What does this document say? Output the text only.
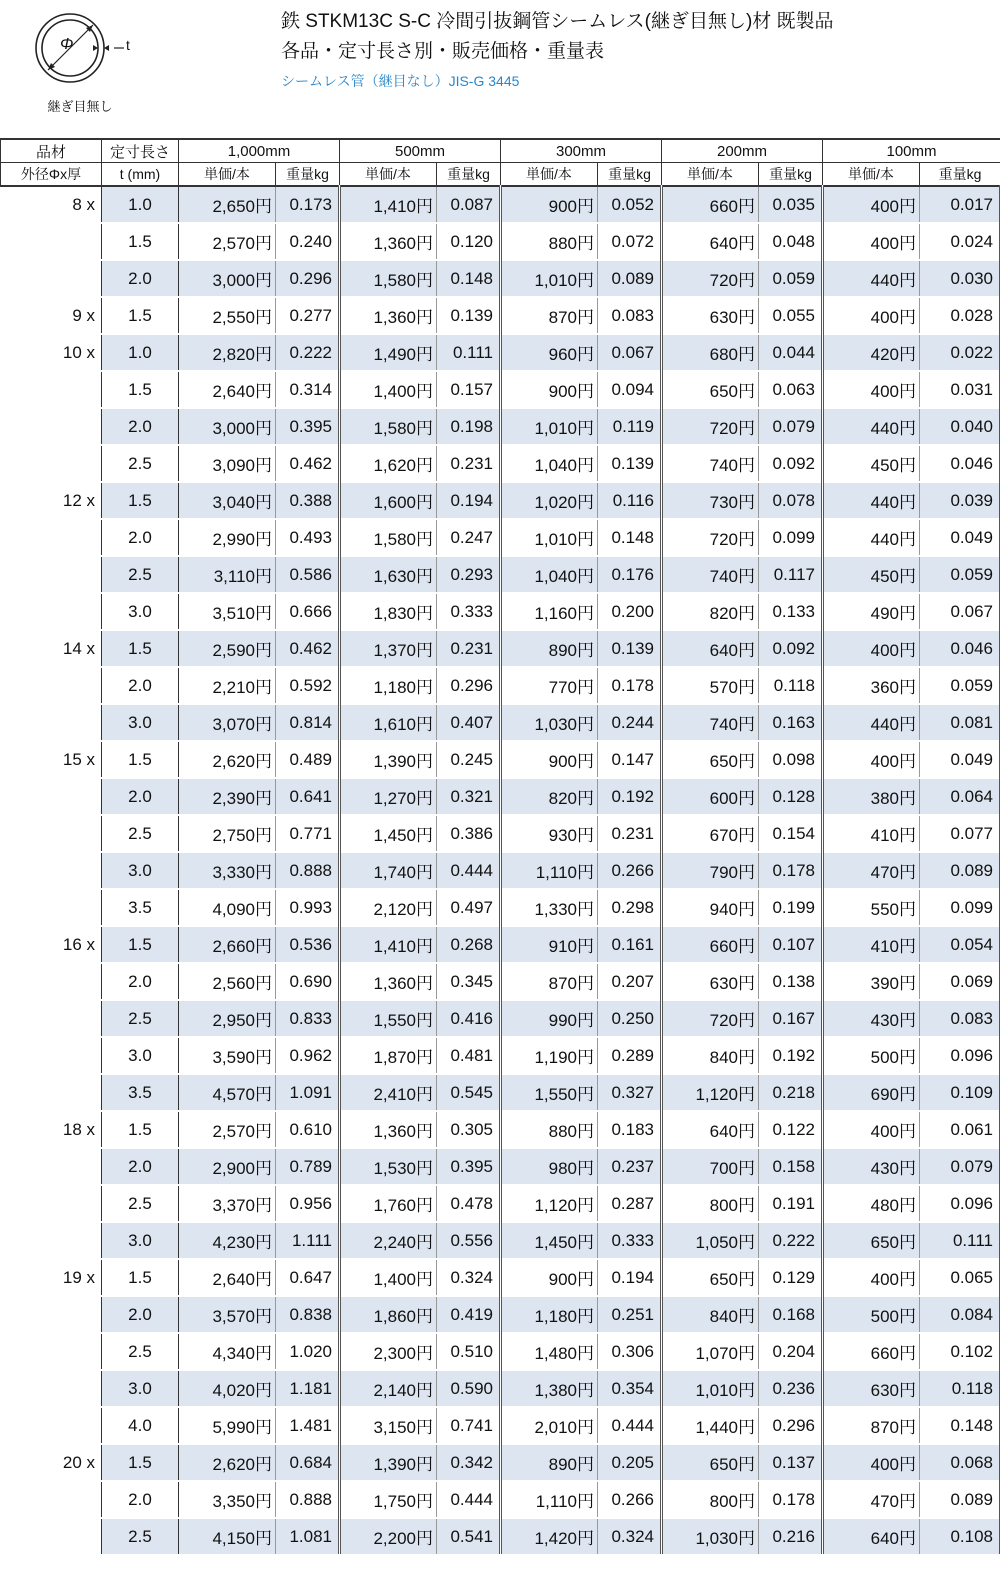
Φ	t
継ぎ目無し
鉄 STKM13C S-C 冷間引抜鋼管シームレス(継ぎ目無し)材 既製品
各品・定寸長さ別・販売価格・重量表
シームレス管（継目なし）JIS-G 3445
品材	定寸長さ	1,000mm		500mm		300mm		200mm		100mm	
外径Φx厚	t (mm)	単価/本	重量kg	単価/本	重量kg	単価/本	重量kg	単価/本	重量kg	単価/本	重量kg
8 x	1.0	2,650円	0.173	1,410円	0.087	900円	0.052	660円	0.035	400円	0.017
	1.5	2,570円	0.240	1,360円	0.120	880円	0.072	640円	0.048	400円	0.024
	2.0	3,000円	0.296	1,580円	0.148	1,010円	0.089	720円	0.059	440円	0.030
9 x	1.5	2,550円	0.277	1,360円	0.139	870円	0.083	630円	0.055	400円	0.028
10 x	1.0	2,820円	0.222	1,490円	0.111	960円	0.067	680円	0.044	420円	0.022
	1.5	2,640円	0.314	1,400円	0.157	900円	0.094	650円	0.063	400円	0.031
	2.0	3,000円	0.395	1,580円	0.198	1,010円	0.119	720円	0.079	440円	0.040
	2.5	3,090円	0.462	1,620円	0.231	1,040円	0.139	740円	0.092	450円	0.046
12 x	1.5	3,040円	0.388	1,600円	0.194	1,020円	0.116	730円	0.078	440円	0.039
	2.0	2,990円	0.493	1,580円	0.247	1,010円	0.148	720円	0.099	440円	0.049
	2.5	3,110円	0.586	1,630円	0.293	1,040円	0.176	740円	0.117	450円	0.059
	3.0	3,510円	0.666	1,830円	0.333	1,160円	0.200	820円	0.133	490円	0.067
14 x	1.5	2,590円	0.462	1,370円	0.231	890円	0.139	640円	0.092	400円	0.046
	2.0	2,210円	0.592	1,180円	0.296	770円	0.178	570円	0.118	360円	0.059
	3.0	3,070円	0.814	1,610円	0.407	1,030円	0.244	740円	0.163	440円	0.081
15 x	1.5	2,620円	0.489	1,390円	0.245	900円	0.147	650円	0.098	400円	0.049
	2.0	2,390円	0.641	1,270円	0.321	820円	0.192	600円	0.128	380円	0.064
	2.5	2,750円	0.771	1,450円	0.386	930円	0.231	670円	0.154	410円	0.077
	3.0	3,330円	0.888	1,740円	0.444	1,110円	0.266	790円	0.178	470円	0.089
	3.5	4,090円	0.993	2,120円	0.497	1,330円	0.298	940円	0.199	550円	0.099
16 x	1.5	2,660円	0.536	1,410円	0.268	910円	0.161	660円	0.107	410円	0.054
	2.0	2,560円	0.690	1,360円	0.345	870円	0.207	630円	0.138	390円	0.069
	2.5	2,950円	0.833	1,550円	0.416	990円	0.250	720円	0.167	430円	0.083
	3.0	3,590円	0.962	1,870円	0.481	1,190円	0.289	840円	0.192	500円	0.096
	3.5	4,570円	1.091	2,410円	0.545	1,550円	0.327	1,120円	0.218	690円	0.109
18 x	1.5	2,570円	0.610	1,360円	0.305	880円	0.183	640円	0.122	400円	0.061
	2.0	2,900円	0.789	1,530円	0.395	980円	0.237	700円	0.158	430円	0.079
	2.5	3,370円	0.956	1,760円	0.478	1,120円	0.287	800円	0.191	480円	0.096
	3.0	4,230円	1.111	2,240円	0.556	1,450円	0.333	1,050円	0.222	650円	0.111
19 x	1.5	2,640円	0.647	1,400円	0.324	900円	0.194	650円	0.129	400円	0.065
	2.0	3,570円	0.838	1,860円	0.419	1,180円	0.251	840円	0.168	500円	0.084
	2.5	4,340円	1.020	2,300円	0.510	1,480円	0.306	1,070円	0.204	660円	0.102
	3.0	4,020円	1.181	2,140円	0.590	1,380円	0.354	1,010円	0.236	630円	0.118
	4.0	5,990円	1.481	3,150円	0.741	2,010円	0.444	1,440円	0.296	870円	0.148
20 x	1.5	2,620円	0.684	1,390円	0.342	890円	0.205	650円	0.137	400円	0.068
	2.0	3,350円	0.888	1,750円	0.444	1,110円	0.266	800円	0.178	470円	0.089
	2.5	4,150円	1.081	2,200円	0.541	1,420円	0.324	1,030円	0.216	640円	0.108
